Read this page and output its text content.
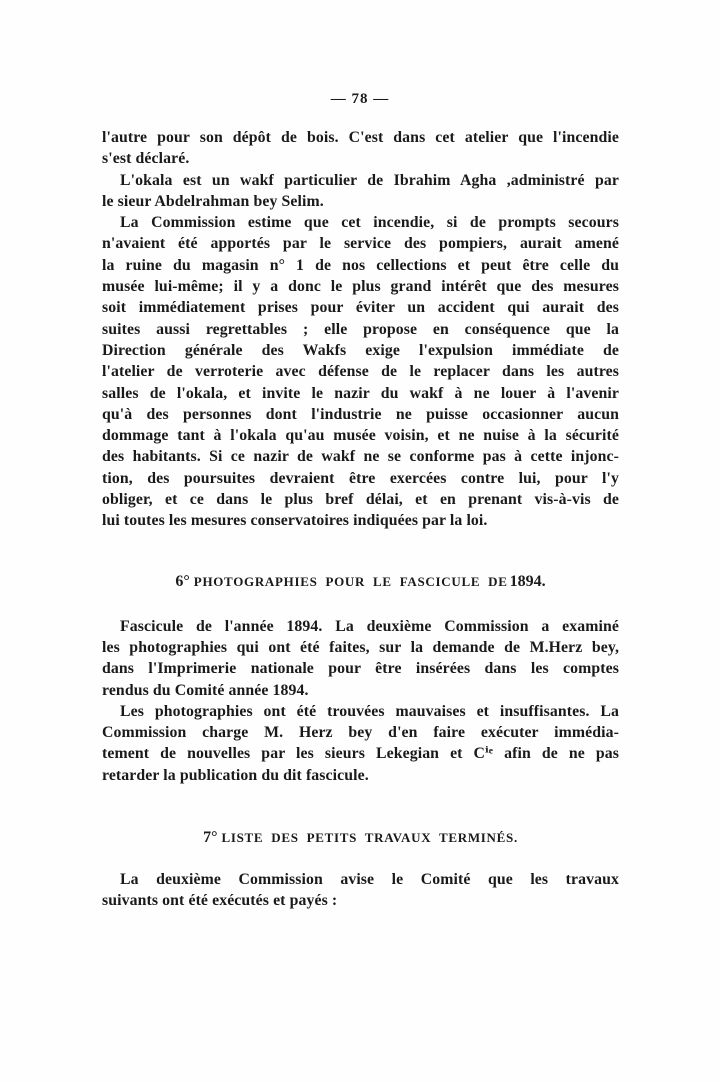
— 78 —
l'autre pour son dépôt de bois. C'est dans cet atelier que l'incendie
s'est déclaré.
L'okala est un wakf particulier de Ibrahim Agha ,administré par
le sieur Abdelrahman bey Selim.
La Commission estime que cet incendie, si de prompts secours
n'avaient été apportés par le service des pompiers, aurait amené
la ruine du magasin n° 1 de nos cellections et peut être celle du
musée lui-même; il y a donc le plus grand intérêt que des mesures
soit immédiatement prises pour éviter un accident qui aurait des
suites aussi regrettables ; elle propose en conséquence que la
Direction générale des Wakfs exige l'expulsion immédiate de
l'atelier de verroterie avec défense de le replacer dans les autres
salles de l'okala, et invite le nazir du wakf à ne louer à l'avenir
qu'à des personnes dont l'industrie ne puisse occasionner aucun
dommage tant à l'okala qu'au musée voisin, et ne nuise à la sécurité
des habitants. Si ce nazir de wakf ne se conforme pas à cette injonc-
tion, des poursuites devraient être exercées contre lui, pour l'y
obliger, et ce dans le plus bref délai, et en prenant vis-à-vis de
lui toutes les mesures conservatoires indiquées par la loi.
6° PHOTOGRAPHIES POUR LE FASCICULE DE 1894.
Fascicule de l'année 1894. La deuxième Commission a examiné
les photographies qui ont été faites, sur la demande de M.Herz bey,
dans l'Imprimerie nationale pour être insérées dans les comptes
rendus du Comité année 1894.
Les photographies ont été trouvées mauvaises et insuffisantes. La
Commission charge M. Herz bey d'en faire exécuter immédia-
tement de nouvelles par les sieurs Lekegian et Cⁱᵉ afin de ne pas
retarder la publication du dit fascicule.
7° LISTE DES PETITS TRAVAUX TERMINÉS.
La deuxième Commission avise le Comité que les travaux
suivants ont été exécutés et payés :
